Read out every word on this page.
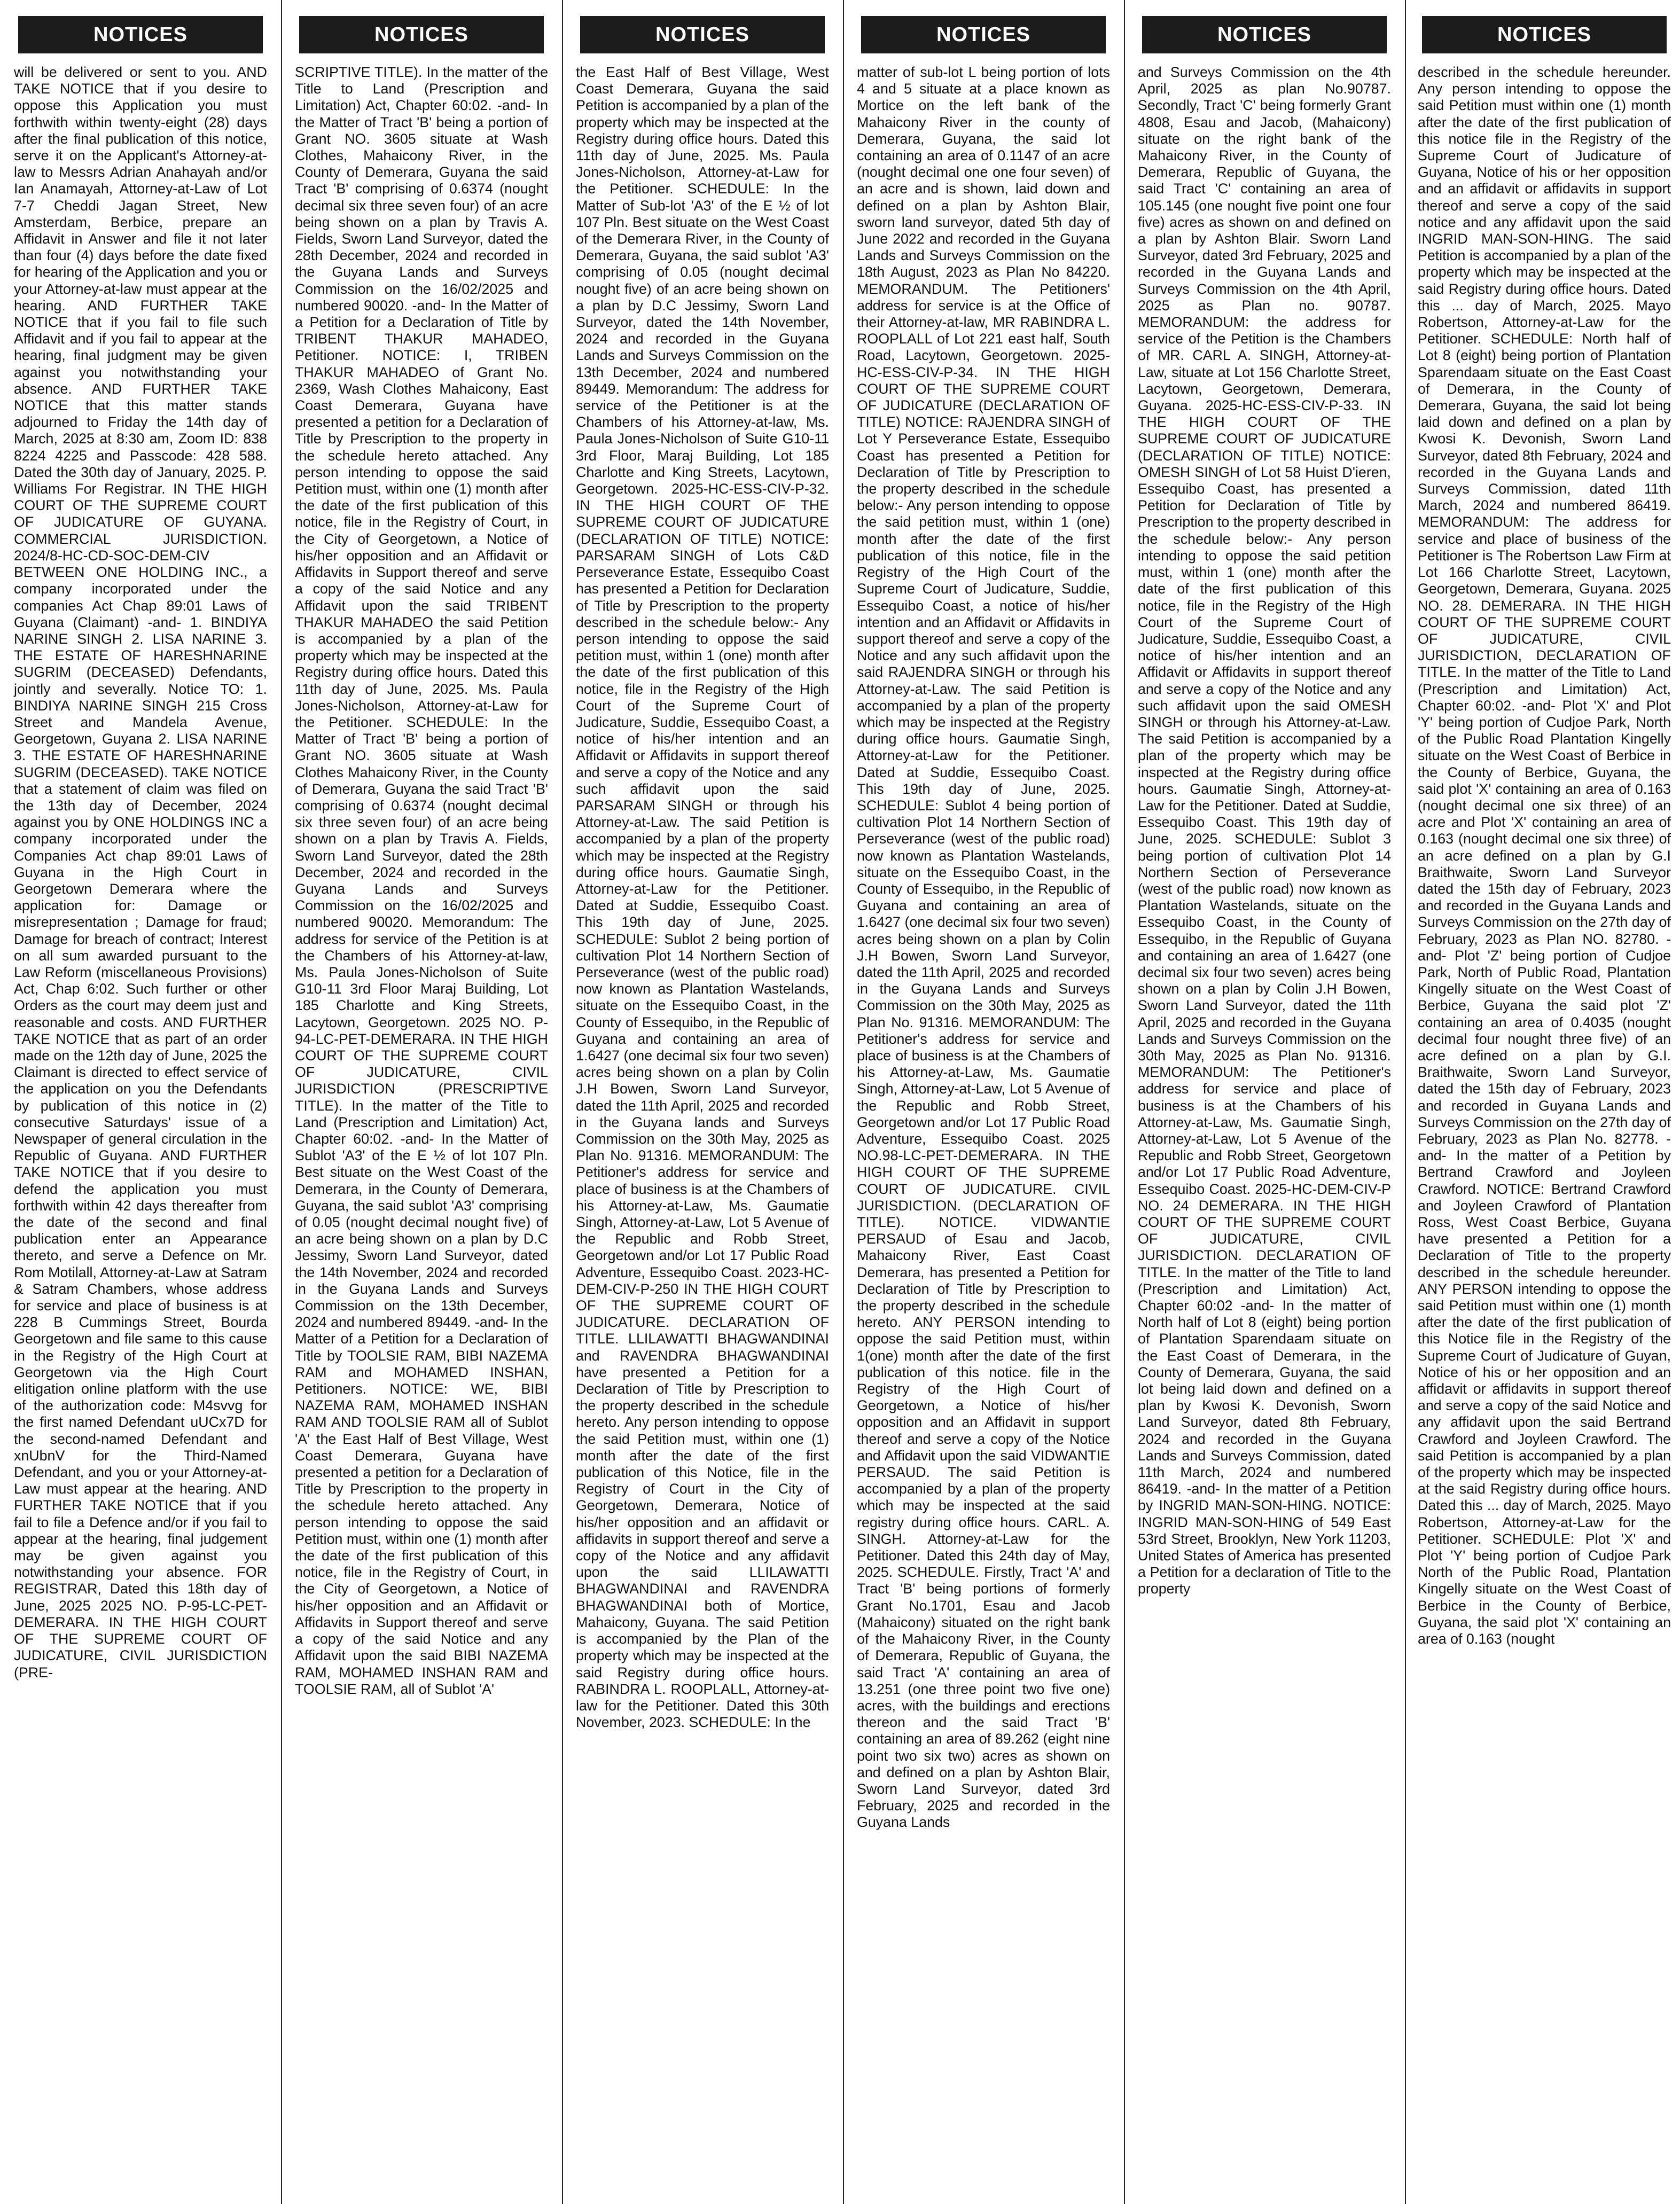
NOTICES

will be delivered or sent to you. AND TAKE NOTICE that if you desire to oppose this Application you must forthwith within twenty-eight (28) days after the final publication of this notice, serve it on the Applicant's Attorney-at-law to Messrs Adrian Anahayah and/or Ian Anamayah, Attorney-at-Law of Lot 7-7 Cheddi Jagan Street, New Amsterdam, Berbice, prepare an Affidavit in Answer and file it not later than four (4) days before the date fixed for hearing of the Application and you or your Attorney-at-law must appear at the hearing. AND FURTHER TAKE NOTICE that if you fail to file such Affidavit and if you fail to appear at the hearing, final judgment may be given against you notwithstanding your absence. AND FURTHER TAKE NOTICE that this matter stands adjourned to Friday the 14th day of March, 2025 at 8:30 am, Zoom ID: 838 8224 4225 and Passcode: 428 588. Dated the 30th day of January, 2025. P. Williams For Registrar. IN THE HIGH COURT OF THE SUPREME COURT OF JUDICATURE OF GUYANA. COMMERCIAL JURISDICTION. 2024/8-HC-CD-SOC-DEM-CIV BETWEEN ONE HOLDING INC., a company incorporated under the companies Act Chap 89:01 Laws of Guyana (Claimant) -and- 1. BINDIYA NARINE SINGH 2. LISA NARINE 3. THE ESTATE OF HARESHNARINE SUGRIM (DECEASED) Defendants, jointly and severally. Notice TO: 1. BINDIYA NARINE SINGH 215 Cross Street and Mandela Avenue, Georgetown, Guyana 2. LISA NARINE 3. THE ESTATE OF HARESHNARINE SUGRIM (DECEASED). TAKE NOTICE that a statement of claim was filed on the 13th day of December, 2024 against you by ONE HOLDINGS INC a company incorporated under the Companies Act chap 89:01 Laws of Guyana in the High Court in Georgetown Demerara where the application for: Damage or misrepresentation ; Damage for fraud; Damage for breach of contract; Interest on all sum awarded pursuant to the Law Reform (miscellaneous Provisions) Act, Chap 6:02. Such further or other Orders as the court may deem just and reasonable and costs. AND FURTHER TAKE NOTICE that as part of an order made on the 12th day of June, 2025 the Claimant is directed to effect service of the application on you the Defendants by publication of this notice in (2) consecutive Saturdays' issue of a Newspaper of general circulation in the Republic of Guyana. AND FURTHER TAKE NOTICE that if you desire to defend the application you must forthwith within 42 days thereafter from the date of the second and final publication enter an Appearance thereto, and serve a Defence on Mr. Rom Motilall, Attorney-at-Law at Satram & Satram Chambers, whose address for service and place of business is at 228 B Cummings Street, Bourda Georgetown and file same to this cause in the Registry of the High Court at Georgetown via the High Court elitigation online platform with the use of the authorization code: M4svvg for the first named Defendant uUCx7D for the second-named Defendant and xnUbnV for the Third-Named Defendant, and you or your Attorney-at-Law must appear at the hearing. AND FURTHER TAKE NOTICE that if you fail to file a Defence and/or if you fail to appear at the hearing, final judgement may be given against you notwithstanding your absence. FOR REGISTRAR, Dated this 18th day of June, 2025 2025 NO. P-95-LC-PET-DEMERARA. IN THE HIGH COURT OF THE SUPREME COURT OF JUDICATURE, CIVIL JURISDICTION (PRE-

NOTICES

SCRIPTIVE TITLE). In the matter of the Title to Land (Prescription and Limitation) Act, Chapter 60:02. -and- In the Matter of Tract 'B' being a portion of Grant NO. 3605 situate at Wash Clothes, Mahaicony River, in the County of Demerara, Guyana the said Tract 'B' comprising of 0.6374 (nought decimal six three seven four) of an acre being shown on a plan by Travis A. Fields, Sworn Land Surveyor, dated the 28th December, 2024 and recorded in the Guyana Lands and Surveys Commission on the 16/02/2025 and numbered 90020. -and- In the Matter of a Petition for a Declaration of Title by TRIBENT THAKUR MAHADEO, Petitioner. NOTICE: I, TRIBEN THAKUR MAHADEO of Grant No. 2369, Wash Clothes Mahaicony, East Coast Demerara, Guyana have presented a petition for a Declaration of Title by Prescription to the property in the schedule hereto attached. Any person intending to oppose the said Petition must, within one (1) month after the date of the first publication of this notice, file in the Registry of Court, in the City of Georgetown, a Notice of his/her opposition and an Affidavit or Affidavits in Support thereof and serve a copy of the said Notice and any Affidavit upon the said TRIBENT THAKUR MAHADEO the said Petition is accompanied by a plan of the property which may be inspected at the Registry during office hours. Dated this 11th day of June, 2025. Ms. Paula Jones-Nicholson, Attorney-at-Law for the Petitioner. SCHEDULE: In the Matter of Tract 'B' being a portion of Grant NO. 3605 situate at Wash Clothes Mahaicony River, in the County of Demerara, Guyana the said Tract 'B' comprising of 0.6374 (nought decimal six three seven four) of an acre being shown on a plan by Travis A. Fields, Sworn Land Surveyor, dated the 28th December, 2024 and recorded in the Guyana Lands and Surveys Commission on the 16/02/2025 and numbered 90020. Memorandum: The address for service of the Petition is at the Chambers of his Attorney-at-law, Ms. Paula Jones-Nicholson of Suite G10-11 3rd Floor Maraj Building, Lot 185 Charlotte and King Streets, Lacytown, Georgetown. 2025 NO. P-94-LC-PET-DEMERARA. IN THE HIGH COURT OF THE SUPREME COURT OF JUDICATURE, CIVIL JURISDICTION (PRESCRIPTIVE TITLE). In the matter of the Title to Land (Prescription and Limitation) Act, Chapter 60:02. -and- In the Matter of Sublot 'A3' of the E ½ of lot 107 Pln. Best situate on the West Coast of the Demerara, in the County of Demerara, Guyana, the said sublot 'A3' comprising of 0.05 (nought decimal nought five) of an acre being shown on a plan by D.C Jessimy, Sworn Land Surveyor, dated the 14th November, 2024 and recorded in the Guyana Lands and Surveys Commission on the 13th December, 2024 and numbered 89449. -and- In the Matter of a Petition for a Declaration of Title by TOOLSIE RAM, BIBI NAZEMA RAM and MOHAMED INSHAN, Petitioners. NOTICE: WE, BIBI NAZEMA RAM, MOHAMED INSHAN RAM AND TOOLSIE RAM all of Sublot 'A' the East Half of Best Village, West Coast Demerara, Guyana have presented a petition for a Declaration of Title by Prescription to the property in the schedule hereto attached. Any person intending to oppose the said Petition must, within one (1) month after the date of the first publication of this notice, file in the Registry of Court, in the City of Georgetown, a Notice of his/her opposition and an Affidavit or Affidavits in Support thereof and serve a copy of the said Notice and any Affidavit upon the said BIBI NAZEMA RAM, MOHAMED INSHAN RAM and TOOLSIE RAM, all of Sublot 'A'

NOTICES

the East Half of Best Village, West Coast Demerara, Guyana the said Petition is accompanied by a plan of the property which may be inspected at the Registry during office hours. Dated this 11th day of June, 2025. Ms. Paula Jones-Nicholson, Attorney-at-Law for the Petitioner. SCHEDULE: In the Matter of Sub-lot 'A3' of the E ½ of lot 107 Pln. Best situate on the West Coast of the Demerara River, in the County of Demerara, Guyana, the said sublot 'A3' comprising of 0.05 (nought decimal nought five) of an acre being shown on a plan by D.C Jessimy, Sworn Land Surveyor, dated the 14th November, 2024 and recorded in the Guyana Lands and Surveys Commission on the 13th December, 2024 and numbered 89449. Memorandum: The address for service of the Petitioner is at the Chambers of his Attorney-at-law, Ms. Paula Jones-Nicholson of Suite G10-11 3rd Floor, Maraj Building, Lot 185 Charlotte and King Streets, Lacytown, Georgetown. 2025-HC-ESS-CIV-P-32. IN THE HIGH COURT OF THE SUPREME COURT OF JUDICATURE (DECLARATION OF TITLE) NOTICE: PARSARAM SINGH of Lots C&D Perseverance Estate, Essequibo Coast has presented a Petition for Declaration of Title by Prescription to the property described in the schedule below:- Any person intending to oppose the said petition must, within 1 (one) month after the date of the first publication of this notice, file in the Registry of the High Court of the Supreme Court of Judicature, Suddie, Essequibo Coast, a notice of his/her intention and an Affidavit or Affidavits in support thereof and serve a copy of the Notice and any such affidavit upon the said PARSARAM SINGH or through his Attorney-at-Law. The said Petition is accompanied by a plan of the property which may be inspected at the Registry during office hours. Gaumatie Singh, Attorney-at-Law for the Petitioner. Dated at Suddie, Essequibo Coast. This 19th day of June, 2025. SCHEDULE: Sublot 2 being portion of cultivation Plot 14 Northern Section of Perseverance (west of the public road) now known as Plantation Wastelands, situate on the Essequibo Coast, in the County of Essequibo, in the Republic of Guyana and containing an area of 1.6427 (one decimal six four two seven) acres being shown on a plan by Colin J.H Bowen, Sworn Land Surveyor, dated the 11th April, 2025 and recorded in the Guyana lands and Surveys Commission on the 30th May, 2025 as Plan No. 91316. MEMORANDUM: The Petitioner's address for service and place of business is at the Chambers of his Attorney-at-Law, Ms. Gaumatie Singh, Attorney-at-Law, Lot 5 Avenue of the Republic and Robb Street, Georgetown and/or Lot 17 Public Road Adventure, Essequibo Coast. 2023-HC-DEM-CIV-P-250 IN THE HIGH COURT OF THE SUPREME COURT OF JUDICATURE. DECLARATION OF TITLE. LLILAWATTI BHAGWANDINAI and RAVENDRA BHAGWANDINAI have presented a Petition for a Declaration of Title by Prescription to the property described in the schedule hereto. Any person intending to oppose the said Petition must, within one (1) month after the date of the first publication of this Notice, file in the Registry of Court in the City of Georgetown, Demerara, Notice of his/her opposition and an affidavit or affidavits in support thereof and serve a copy of the Notice and any affidavit upon the said LLILAWATTI BHAGWANDINAI and RAVENDRA BHAGWANDINAI both of Mortice, Mahaicony, Guyana. The said Petition is accompanied by the Plan of the property which may be inspected at the said Registry during office hours. RABINDRA L. ROOPLALL, Attorney-at-law for the Petitioner. Dated this 30th November, 2023. SCHEDULE: In the

NOTICES

matter of sub-lot L being portion of lots 4 and 5 situate at a place known as Mortice on the left bank of the Mahaicony River in the county of Demerara, Guyana, the said lot containing an area of 0.1147 of an acre (nought decimal one one four seven) of an acre and is shown, laid down and defined on a plan by Ashton Blair, sworn land surveyor, dated 5th day of June 2022 and recorded in the Guyana Lands and Surveys Commission on the 18th August, 2023 as Plan No 84220. MEMORANDUM. The Petitioners' address for service is at the Office of their Attorney-at-law, MR RABINDRA L. ROOPLALL of Lot 221 east half, South Road, Lacytown, Georgetown. 2025-HC-ESS-CIV-P-34. IN THE HIGH COURT OF THE SUPREME COURT OF JUDICATURE (DECLARATION OF TITLE) NOTICE: RAJENDRA SINGH of Lot Y Perseverance Estate, Essequibo Coast has presented a Petition for Declaration of Title by Prescription to the property described in the schedule below:- Any person intending to oppose the said petition must, within 1 (one) month after the date of the first publication of this notice, file in the Registry of the High Court of the Supreme Court of Judicature, Suddie, Essequibo Coast, a notice of his/her intention and an Affidavit or Affidavits in support thereof and serve a copy of the Notice and any such affidavit upon the said RAJENDRA SINGH or through his Attorney-at-Law. The said Petition is accompanied by a plan of the property which may be inspected at the Registry during office hours. Gaumatie Singh, Attorney-at-Law for the Petitioner. Dated at Suddie, Essequibo Coast. This 19th day of June, 2025. SCHEDULE: Sublot 4 being portion of cultivation Plot 14 Northern Section of Perseverance (west of the public road) now known as Plantation Wastelands, situate on the Essequibo Coast, in the County of Essequibo, in the Republic of Guyana and containing an area of 1.6427 (one decimal six four two seven) acres being shown on a plan by Colin J.H Bowen, Sworn Land Surveyor, dated the 11th April, 2025 and recorded in the Guyana Lands and Surveys Commission on the 30th May, 2025 as Plan No. 91316. MEMORANDUM: The Petitioner's address for service and place of business is at the Chambers of his Attorney-at-Law, Ms. Gaumatie Singh, Attorney-at-Law, Lot 5 Avenue of the Republic and Robb Street, Georgetown and/or Lot 17 Public Road Adventure, Essequibo Coast. 2025 NO.98-LC-PET-DEMERARA. IN THE HIGH COURT OF THE SUPREME COURT OF JUDICATURE. CIVIL JURISDICTION. (DECLARATION OF TITLE). NOTICE. VIDWANTIE PERSAUD of Esau and Jacob, Mahaicony River, East Coast Demerara, has presented a Petition for Declaration of Title by Prescription to the property described in the schedule hereto. ANY PERSON intending to oppose the said Petition must, within 1(one) month after the date of the first publication of this notice. file in the Registry of the High Court of Georgetown, a Notice of his/her opposition and an Affidavit in support thereof and serve a copy of the Notice and Affidavit upon the said VIDWANTIE PERSAUD. The said Petition is accompanied by a plan of the property which may be inspected at the said registry during office hours. CARL. A. SINGH. Attorney-at-Law for the Petitioner. Dated this 24th day of May, 2025. SCHEDULE. Firstly, Tract 'A' and Tract 'B' being portions of formerly Grant No.1701, Esau and Jacob (Mahaicony) situated on the right bank of the Mahaicony River, in the County of Demerara, Republic of Guyana, the said Tract 'A' containing an area of 13.251 (one three point two five one) acres, with the buildings and erections thereon and the said Tract 'B' containing an area of 89.262 (eight nine point two six two) acres as shown on and defined on a plan by Ashton Blair, Sworn Land Surveyor, dated 3rd February, 2025 and recorded in the Guyana Lands

NOTICES

and Surveys Commission on the 4th April, 2025 as plan No.90787. Secondly, Tract 'C' being formerly Grant 4808, Esau and Jacob, (Mahaicony) situate on the right bank of the Mahaicony River, in the County of Demerara, Republic of Guyana, the said Tract 'C' containing an area of 105.145 (one nought five point one four five) acres as shown on and defined on a plan by Ashton Blair. Sworn Land Surveyor, dated 3rd February, 2025 and recorded in the Guyana Lands and Surveys Commission on the 4th April, 2025 as Plan no. 90787. MEMORANDUM: the address for service of the Petition is the Chambers of MR. CARL A. SINGH, Attorney-at-Law, situate at Lot 156 Charlotte Street, Lacytown, Georgetown, Demerara, Guyana. 2025-HC-ESS-CIV-P-33. IN THE HIGH COURT OF THE SUPREME COURT OF JUDICATURE (DECLARATION OF TITLE) NOTICE: OMESH SINGH of Lot 58 Huist D'ieren, Essequibo Coast, has presented a Petition for Declaration of Title by Prescription to the property described in the schedule below:- Any person intending to oppose the said petition must, within 1 (one) month after the date of the first publication of this notice, file in the Registry of the High Court of the Supreme Court of Judicature, Suddie, Essequibo Coast, a notice of his/her intention and an Affidavit or Affidavits in support thereof and serve a copy of the Notice and any such affidavit upon the said OMESH SINGH or through his Attorney-at-Law. The said Petition is accompanied by a plan of the property which may be inspected at the Registry during office hours. Gaumatie Singh, Attorney-at-Law for the Petitioner. Dated at Suddie, Essequibo Coast. This 19th day of June, 2025. SCHEDULE: Sublot 3 being portion of cultivation Plot 14 Northern Section of Perseverance (west of the public road) now known as Plantation Wastelands, situate on the Essequibo Coast, in the County of Essequibo, in the Republic of Guyana and containing an area of 1.6427 (one decimal six four two seven) acres being shown on a plan by Colin J.H Bowen, Sworn Land Surveyor, dated the 11th April, 2025 and recorded in the Guyana Lands and Surveys Commission on the 30th May, 2025 as Plan No. 91316. MEMORANDUM: The Petitioner's address for service and place of business is at the Chambers of his Attorney-at-Law, Ms. Gaumatie Singh, Attorney-at-Law, Lot 5 Avenue of the Republic and Robb Street, Georgetown and/or Lot 17 Public Road Adventure, Essequibo Coast. 2025-HC-DEM-CIV-P NO. 24 DEMERARA. IN THE HIGH COURT OF THE SUPREME COURT OF JUDICATURE, CIVIL JURISDICTION. DECLARATION OF TITLE. In the matter of the Title to land (Prescription and Limitation) Act, Chapter 60:02 -and- In the matter of North half of Lot 8 (eight) being portion of Plantation Sparendaam situate on the East Coast of Demerara, in the County of Demerara, Guyana, the said lot being laid down and defined on a plan by Kwosi K. Devonish, Sworn Land Surveyor, dated 8th February, 2024 and recorded in the Guyana Lands and Surveys Commission, dated 11th March, 2024 and numbered 86419. -and- In the matter of a Petition by INGRID MAN-SON-HING. NOTICE: INGRID MAN-SON-HING of 549 East 53rd Street, Brooklyn, New York 11203, United States of America has presented a Petition for a declaration of Title to the property

NOTICES

described in the schedule hereunder. Any person intending to oppose the said Petition must within one (1) month after the date of the first publication of this notice file in the Registry of the Supreme Court of Judicature of Guyana, Notice of his or her opposition and an affidavit or affidavits in support thereof and serve a copy of the said notice and any affidavit upon the said INGRID MAN-SON-HING. The said Petition is accompanied by a plan of the property which may be inspected at the said Registry during office hours. Dated this ... day of March, 2025. Mayo Robertson, Attorney-at-Law for the Petitioner. SCHEDULE: North half of Lot 8 (eight) being portion of Plantation Sparendaam situate on the East Coast of Demerara, in the County of Demerara, Guyana, the said lot being laid down and defined on a plan by Kwosi K. Devonish, Sworn Land Surveyor, dated 8th February, 2024 and recorded in the Guyana Lands and Surveys Commission, dated 11th March, 2024 and numbered 86419. MEMORANDUM: The address for service and place of business of the Petitioner is The Robertson Law Firm at Lot 166 Charlotte Street, Lacytown, Georgetown, Demerara, Guyana. 2025 NO. 28. DEMERARA. IN THE HIGH COURT OF THE SUPREME COURT OF JUDICATURE, CIVIL JURISDICTION, DECLARATION OF TITLE. In the matter of the Title to Land (Prescription and Limitation) Act, Chapter 60:02. -and- Plot 'X' and Plot 'Y' being portion of Cudjoe Park, North of the Public Road Plantation Kingelly situate on the West Coast of Berbice in the County of Berbice, Guyana, the said plot 'X' containing an area of 0.163 (nought decimal one six three) of an acre and Plot 'X' containing an area of 0.163 (nought decimal one six three) of an acre defined on a plan by G.I Braithwaite, Sworn Land Surveyor dated the 15th day of February, 2023 and recorded in the Guyana Lands and Surveys Commission on the 27th day of February, 2023 as Plan NO. 82780. -and- Plot 'Z' being portion of Cudjoe Park, North of Public Road, Plantation Kingelly situate on the West Coast of Berbice, Guyana the said plot 'Z' containing an area of 0.4035 (nought decimal four nought three five) of an acre defined on a plan by G.I. Braithwaite, Sworn Land Surveyor, dated the 15th day of February, 2023 and recorded in Guyana Lands and Surveys Commission on the 27th day of February, 2023 as Plan No. 82778. -and- In the matter of a Petition by Bertrand Crawford and Joyleen Crawford. NOTICE: Bertrand Crawford and Joyleen Crawford of Plantation Ross, West Coast Berbice, Guyana have presented a Petition for a Declaration of Title to the property described in the schedule hereunder. ANY PERSON intending to oppose the said Petition must within one (1) month after the date of the first publication of this Notice file in the Registry of the Supreme Court of Judicature of Guyan, Notice of his or her opposition and an affidavit or affidavits in support thereof and serve a copy of the said Notice and any affidavit upon the said Bertrand Crawford and Joyleen Crawford. The said Petition is accompanied by a plan of the property which may be inspected at the said Registry during office hours. Dated this ... day of March, 2025. Mayo Robertson, Attorney-at-Law for the Petitioner. SCHEDULE: Plot 'X' and Plot 'Y' being portion of Cudjoe Park North of the Public Road, Plantation Kingelly situate on the West Coast of Berbice in the County of Berbice, Guyana, the said plot 'X' containing an area of 0.163 (nought
